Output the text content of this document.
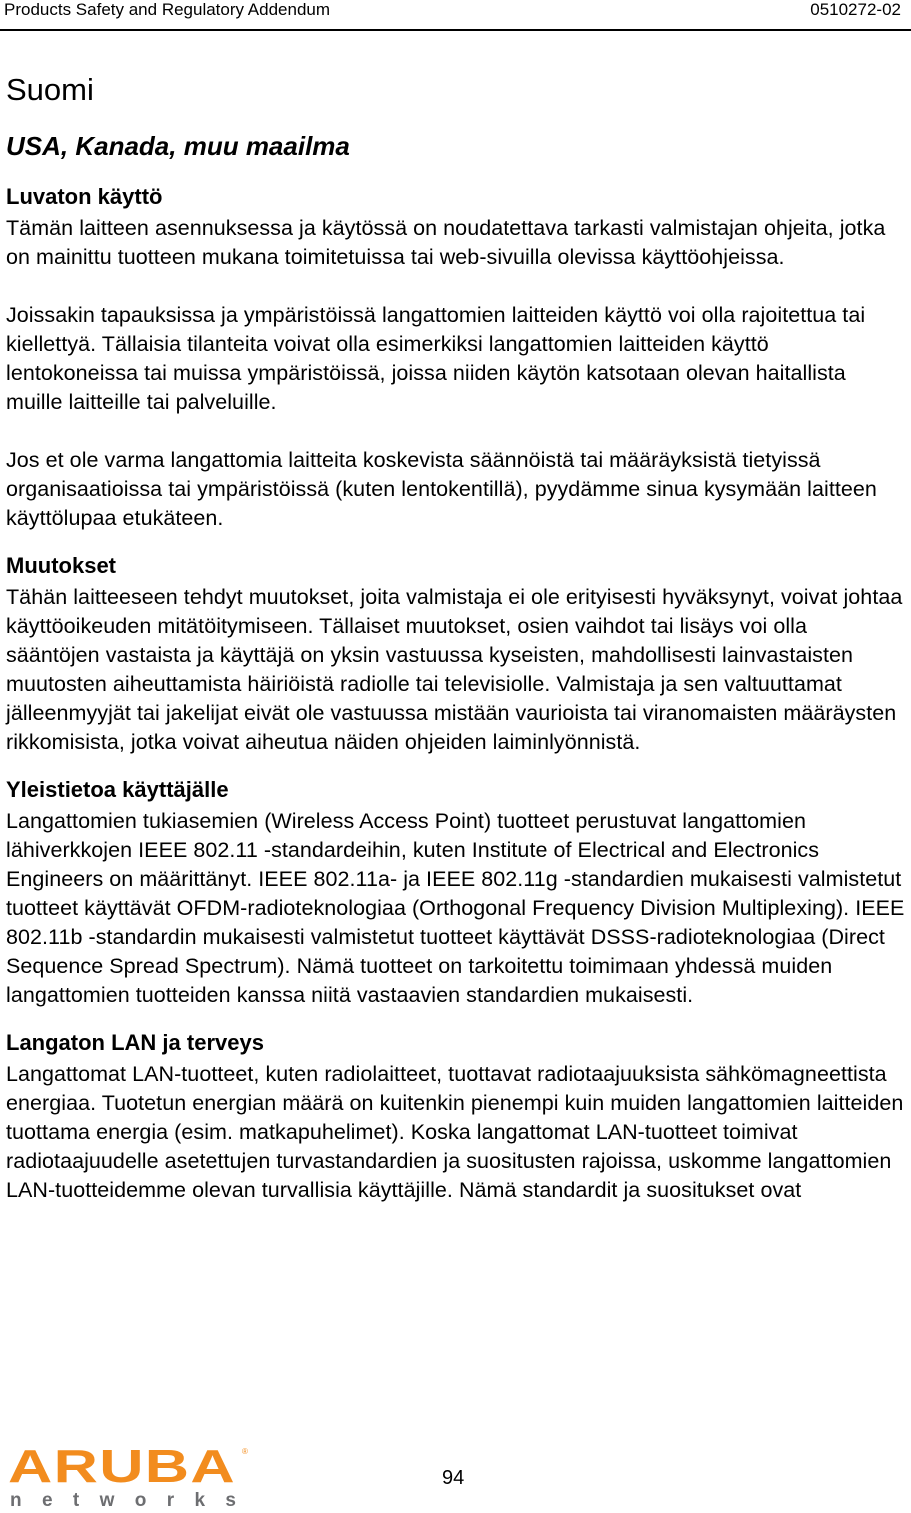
Products Safety and Regulatory Addendum	0510272-02
Suomi
USA, Kanada, muu maailma
Luvaton käyttö

Tämän laitteen asennuksessa ja käytössä on noudatettava tarkasti valmistajan ohjeita, jotka on mainittu tuotteen mukana toimitetuissa tai web-sivuilla olevissa käyttöohjeissa.

Joissakin tapauksissa ja ympäristöissä langattomien laitteiden käyttö voi olla rajoitettua tai kiellettyä. Tällaisia tilanteita voivat olla esimerkiksi langattomien laitteiden käyttö lentokoneissa tai muissa ympäristöissä, joissa niiden käytön katsotaan olevan haitallista muille laitteille tai palveluille.

Jos et ole varma langattomia laitteita koskevista säännöistä tai määräyksistä tietyissä organisaatioissa tai ympäristöissä (kuten lentokentillä), pyydämme sinua kysymään laitteen käyttölupaa etukäteen.

Muutokset

Tähän laitteeseen tehdyt muutokset, joita valmistaja ei ole erityisesti hyväksynyt, voivat johtaa käyttöoikeuden mitätöitymiseen. Tällaiset muutokset, osien vaihdot tai lisäys voi olla sääntöjen vastaista ja käyttäjä on yksin vastuussa kyseisten, mahdollisesti lainvastaisten muutosten aiheuttamista häiriöistä radiolle tai televisiolle. Valmistaja ja sen valtuuttamat jälleenmyyjät tai jakelijat eivät ole vastuussa mistään vaurioista tai viranomaisten määräysten rikkomisista, jotka voivat aiheutua näiden ohjeiden laiminlyönnistä.

Yleistietoa käyttäjälle

Langattomien tukiasemien (Wireless Access Point) tuotteet perustuvat langattomien lähiverkkojen IEEE 802.11 -standardeihin, kuten Institute of Electrical and Electronics Engineers on määrittänyt. IEEE 802.11a- ja IEEE 802.11g -standardien mukaisesti valmistetut tuotteet käyttävät OFDM-radioteknologiaa (Orthogonal Frequency Division Multiplexing). IEEE 802.11b -standardin mukaisesti valmistetut tuotteet käyttävät DSSS-radioteknologiaa (Direct Sequence Spread Spectrum). Nämä tuotteet on tarkoitettu toimimaan yhdessä muiden langattomien tuotteiden kanssa niitä vastaavien standardien mukaisesti.

Langaton LAN ja terveys

Langattomat LAN-tuotteet, kuten radiolaitteet, tuottavat radiotaajuuksista sähkömagneettista energiaa. Tuotetun energian määrä on kuitenkin pienempi kuin muiden langattomien laitteiden tuottama energia (esim. matkapuhelimet). Koska langattomat LAN-tuotteet toimivat radiotaajuudelle asetettujen turvastandardien ja suositusten rajoissa, uskomme langattomien LAN-tuotteidemme olevan turvallisia käyttäjille. Nämä standardit ja suositukset ovat

ARUBA ®
networks
94
